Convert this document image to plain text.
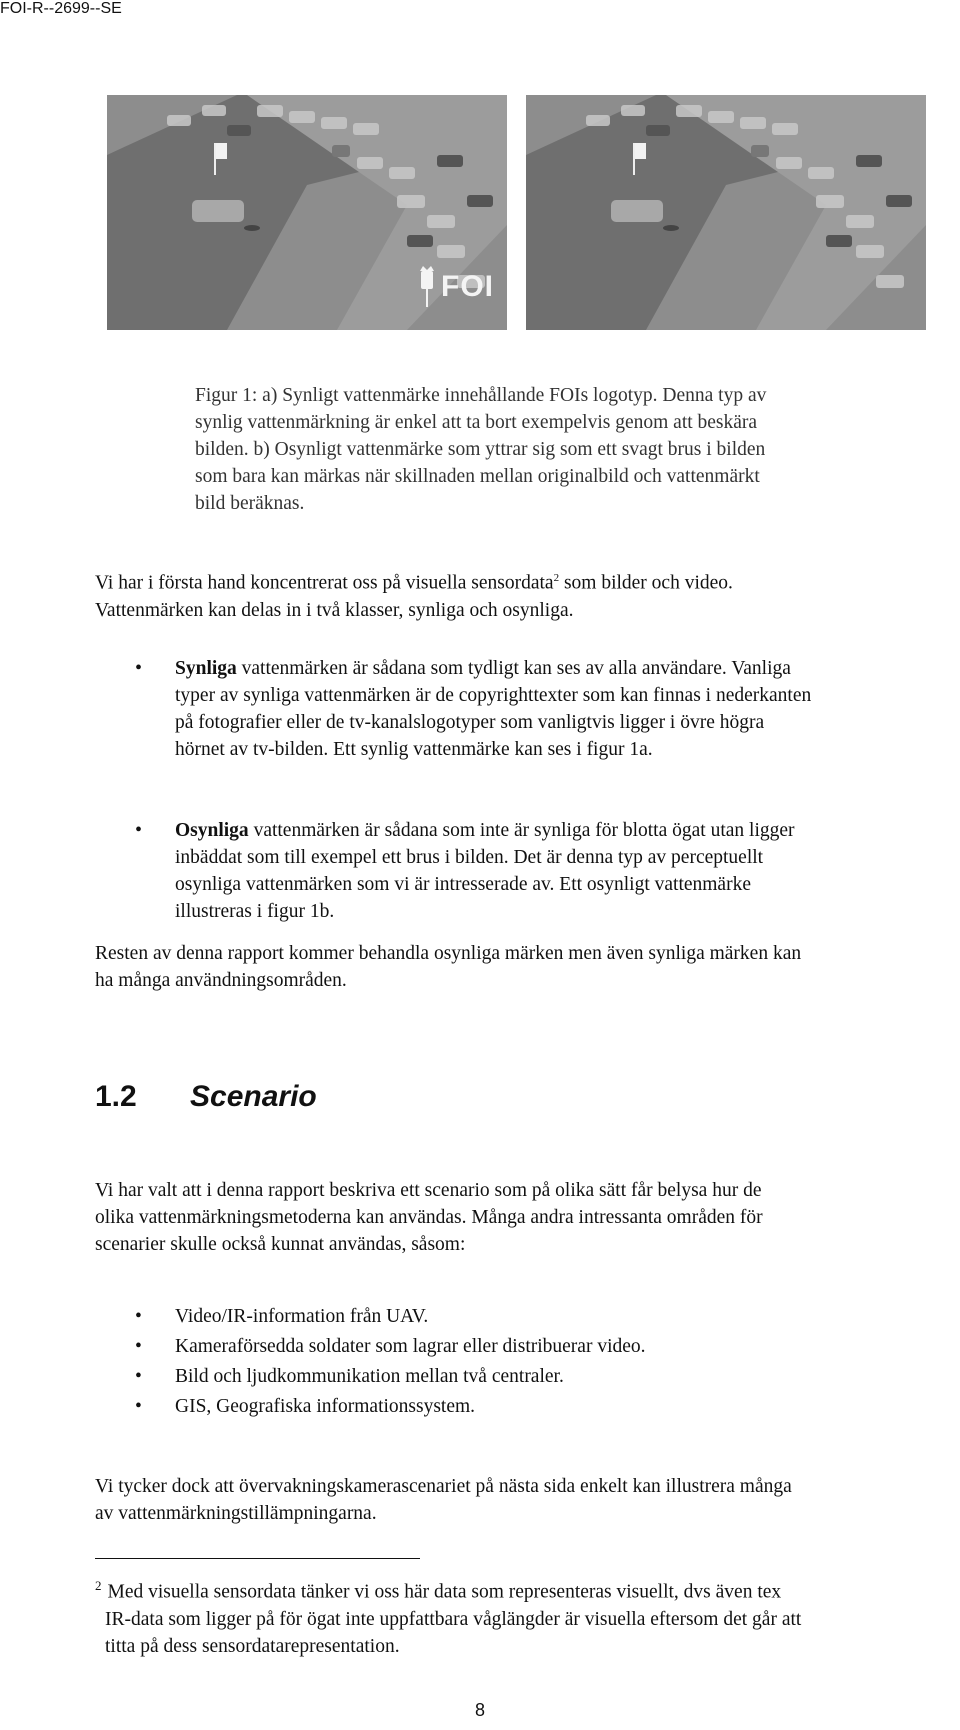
FOI-R--2699--SE
FOI

Figur 1: a) Synligt vattenmärke innehållande FOIs logotyp. Denna typ av

synlig vattenmärkning är enkel att ta bort exempelvis genom att beskära

bilden. b) Osynligt vattenmärke som yttrar sig som ett svagt brus i bilden

som bara kan märkas när skillnaden mellan originalbild och vattenmärkt

bild beräknas.

Vi har i första hand koncentrerat oss på visuella sensordata$^2$ som bilder och video.
Vattenmärken kan delas in i två klasser, synliga och osynliga.
• Synliga vattenmärken är sådana som tydligt kan ses av alla användare. Vanliga
typer av synliga vattenmärken är de copyrighttexter som kan finnas i nederkanten
på fotografier eller de tv-kanalslogotyper som vanligtvis ligger i övre högra
hörnet av tv-bilden. Ett synlig vattenmärke kan ses i figur 1a.
• Osynliga vattenmärken är sådana som inte är synliga för blotta ögat utan ligger
inbäddat som till exempel ett brus i bilden. Det är denna typ av perceptuellt
osynliga vattenmärken som vi är intresserade av. Ett osynligt vattenmärke
illustreras i figur 1b.
Resten av denna rapport kommer behandla osynliga märken men även synliga märken kan
ha många användningsområden.
1.2 Scenario
Vi har valt att i denna rapport beskriva ett scenario som på olika sätt får belysa hur de
olika vattenmärkningsmetoderna kan användas. Många andra intressanta områden för
scenarier skulle också kunnat användas, såsom:
• Video/IR-information från UAV.
• Kameraförsedda soldater som lagrar eller distribuerar video.
• Bild och ljudkommunikation mellan två centraler.
• GIS, Geografiska informationssystem.
Vi tycker dock att övervakningskamerascenariet på nästa sida enkelt kan illustrera många
av vattenmärkningstillämpningarna.
$^2$ Med visuella sensordata tänker vi oss här data som representeras visuellt, dvs även tex
IR-data som ligger på för ögat inte uppfattbara våglängder är visuella eftersom det går att
titta på dess sensordatarepresentation.
8
